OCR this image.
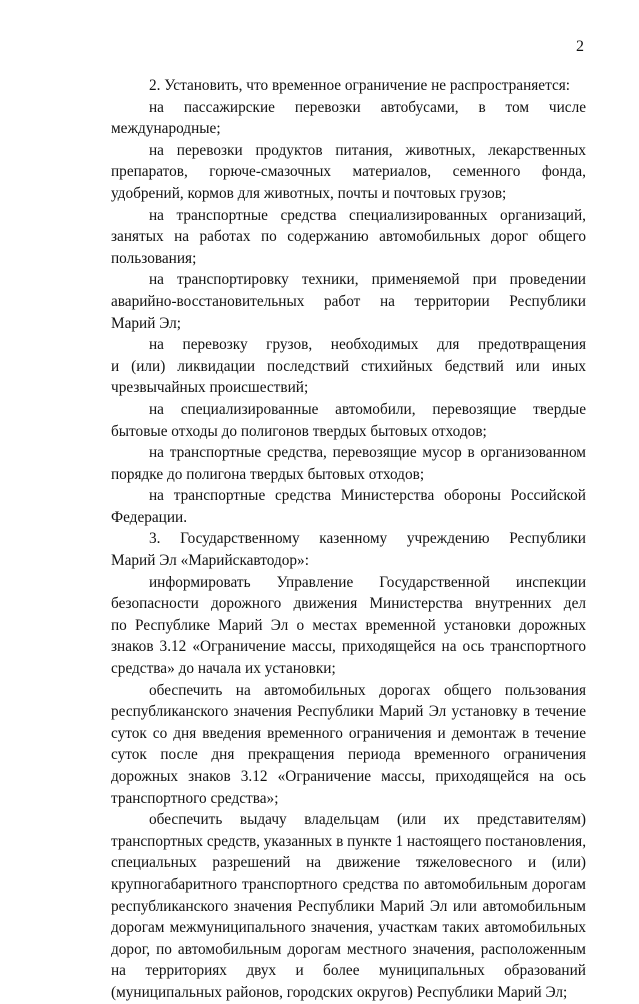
2
2. Установить, что временное ограничение не распространяется:
на пассажирские перевозки автобусами, в том числе
международные;
на перевозки продуктов питания, животных, лекарственных
препаратов, горюче-смазочных материалов, семенного фонда,
удобрений, кормов для животных, почты и почтовых грузов;
на транспортные средства специализированных организаций,
занятых на работах по содержанию автомобильных дорог общего
пользования;
на транспортировку техники, применяемой при проведении
аварийно-восстановительных работ на территории Республики
Марий Эл;
на перевозку грузов, необходимых для предотвращения
и (или) ликвидации последствий стихийных бедствий или иных
чрезвычайных происшествий;
на специализированные автомобили, перевозящие твердые
бытовые отходы до полигонов твердых бытовых отходов;
на транспортные средства, перевозящие мусор в организованном
порядке до полигона твердых бытовых отходов;
на транспортные средства Министерства обороны Российской
Федерации.
3. Государственному казенному учреждению Республики
Марий Эл «Марийскавтодор»:
информировать Управление Государственной инспекции
безопасности дорожного движения Министерства внутренних дел
по Республике Марий Эл о местах временной установки дорожных
знаков 3.12 «Ограничение массы, приходящейся на ось транспортного
средства» до начала их установки;
обеспечить на автомобильных дорогах общего пользования
республиканского значения Республики Марий Эл установку в течение
суток со дня введения временного ограничения и демонтаж в течение
суток после дня прекращения периода временного ограничения
дорожных знаков 3.12 «Ограничение массы, приходящейся на ось
транспортного средства»;
обеспечить выдачу владельцам (или их представителям)
транспортных средств, указанных в пункте 1 настоящего постановления,
специальных разрешений на движение тяжеловесного и (или)
крупногабаритного транспортного средства по автомобильным дорогам
республиканского значения Республики Марий Эл или автомобильным
дорогам межмуниципального значения, участкам таких автомобильных
дорог, по автомобильным дорогам местного значения, расположенным
на территориях двух и более муниципальных образований
(муниципальных районов, городских округов) Республики Марий Эл;
